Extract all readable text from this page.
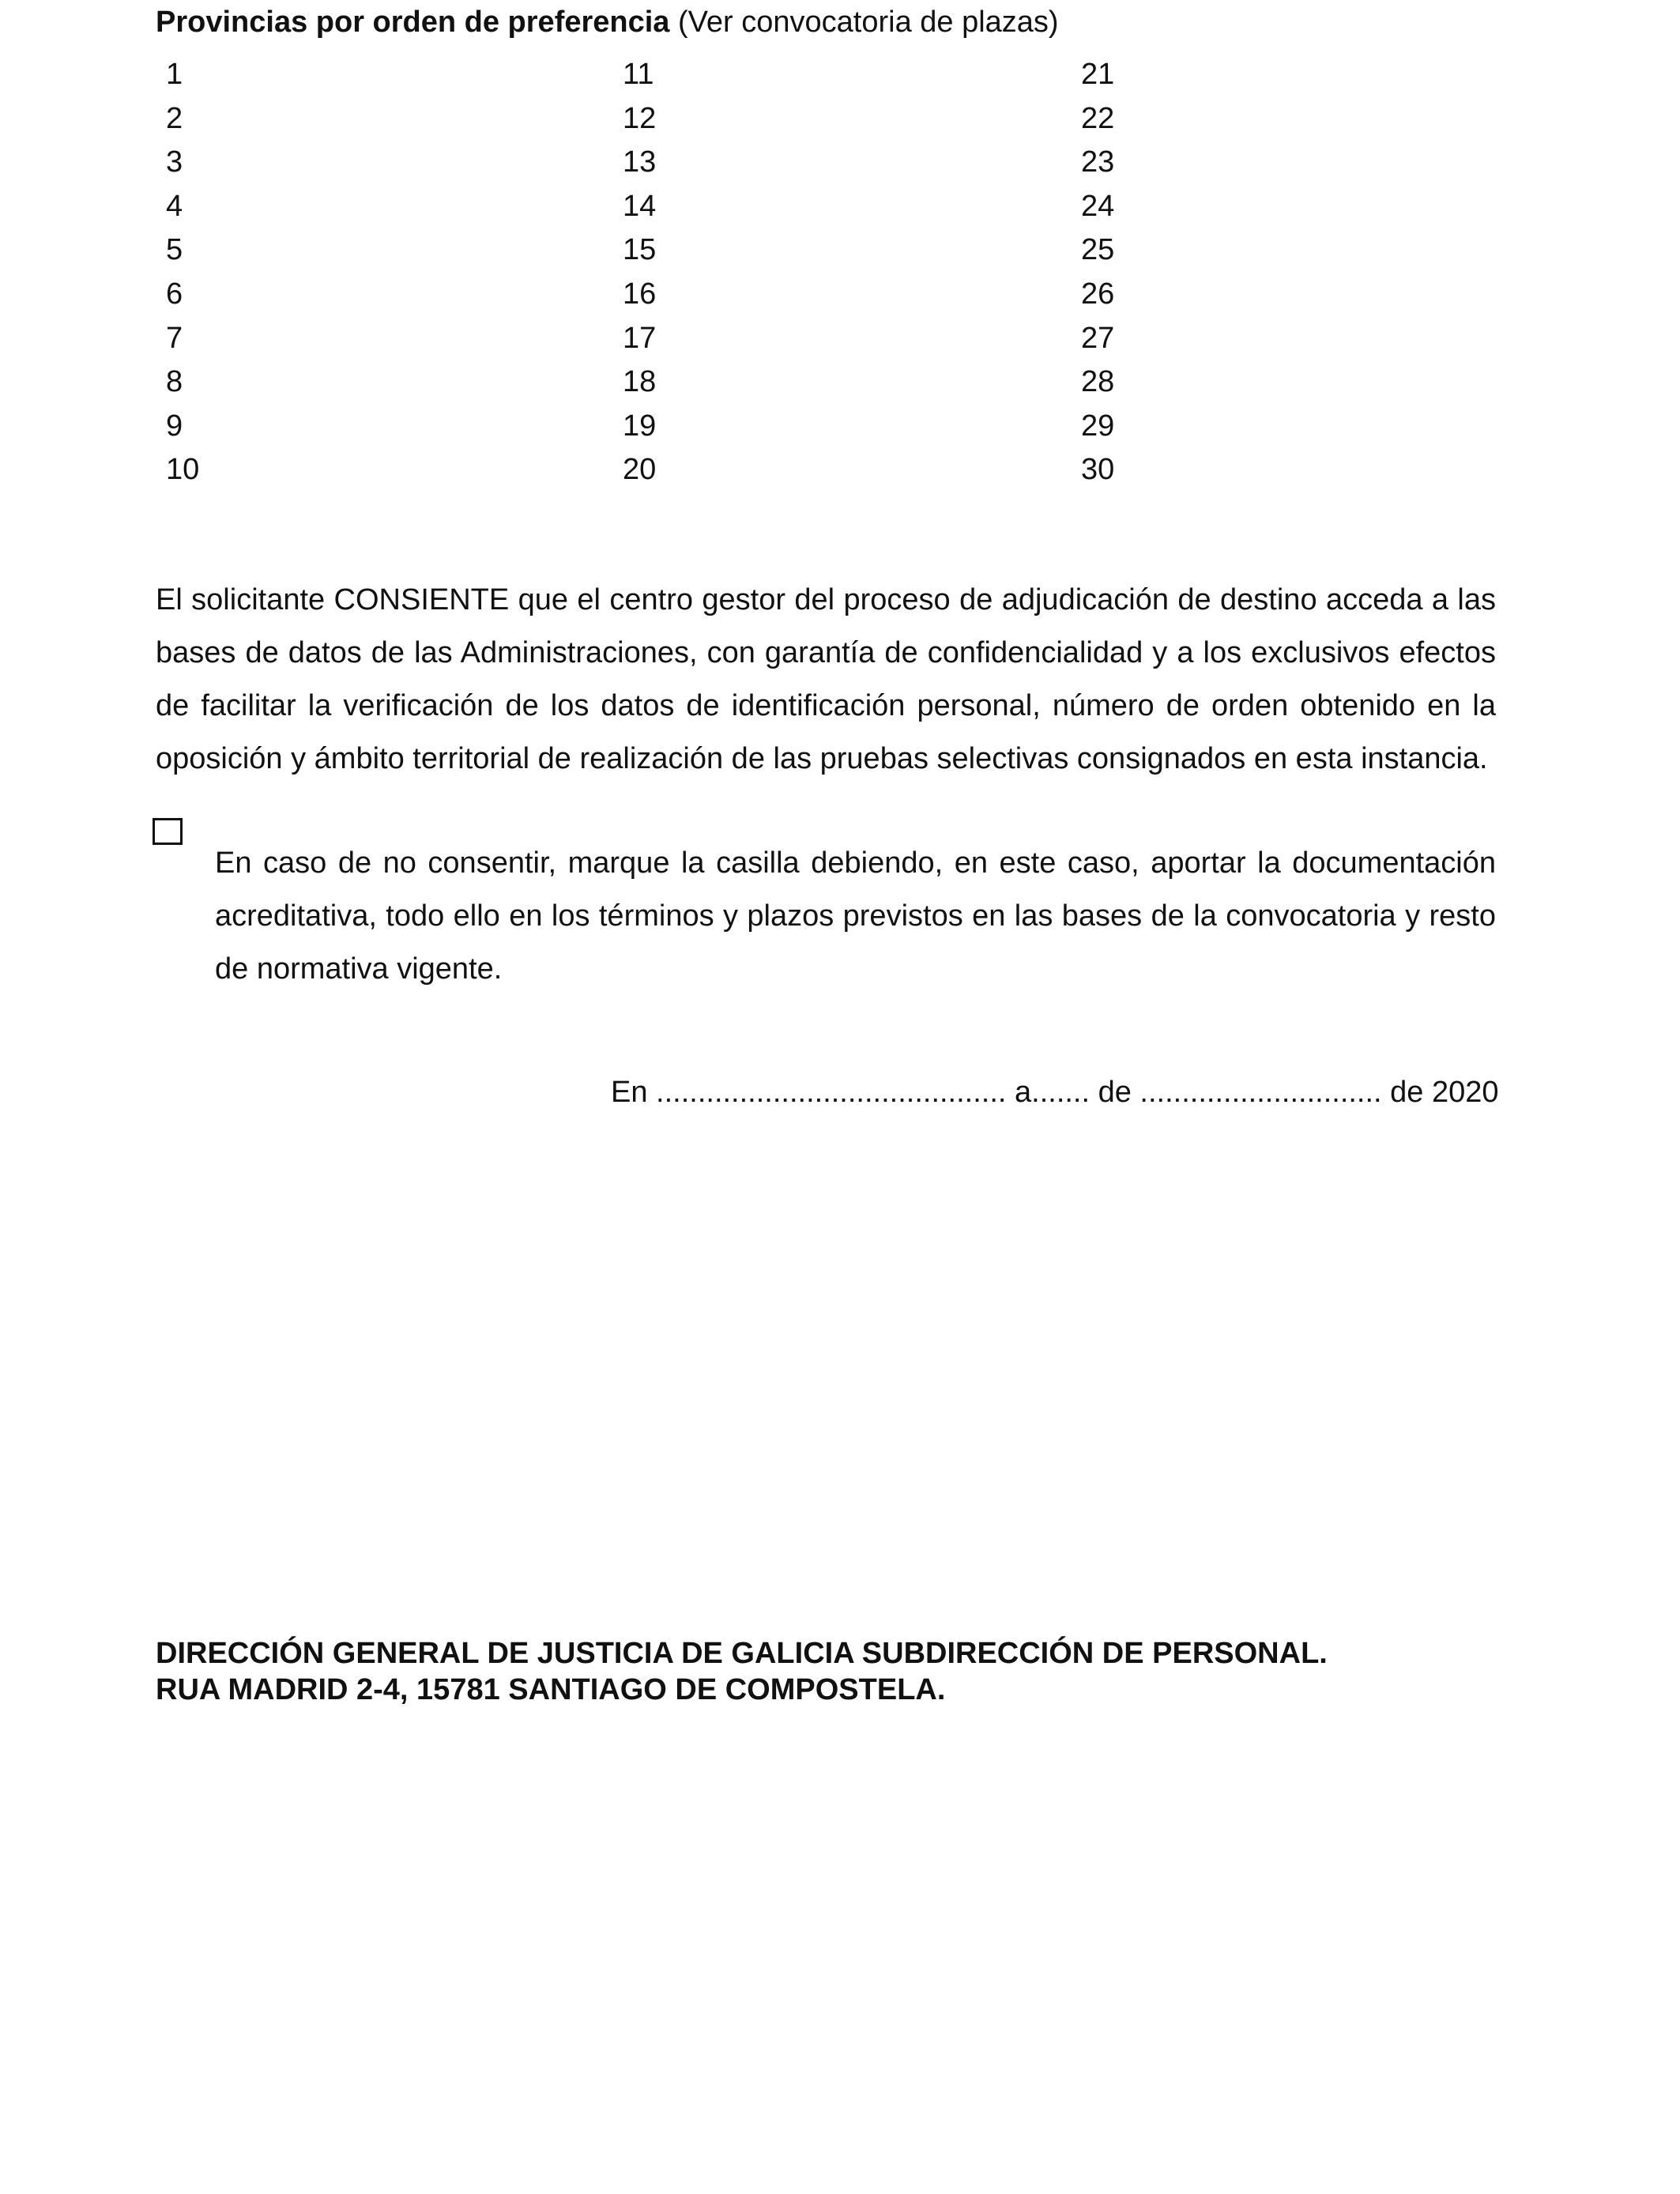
Provincias por orden de preferencia (Ver convocatoria de plazas)
1
2
3
4
5
6
7
8
9
10
11
12
13
14
15
16
17
18
19
20
21
22
23
24
25
26
27
28
29
30

El solicitante CONSIENTE que el centro gestor del proceso de adjudicación de destino acceda a las bases de datos de las Administraciones, con garantía de confidencialidad y a los exclusivos efectos de facilitar la verificación de los datos de identificación personal, número de orden obtenido en la oposición y ámbito territorial de realización de las pruebas selectivas consignados en esta instancia.

En caso de no consentir, marque la casilla debiendo, en este caso, aportar la documentación acreditativa, todo ello en los términos y plazos previstos en las bases de la convocatoria y resto de normativa vigente.

En .......................................... a....... de ............................. de 2020
DIRECCIÓN GENERAL DE JUSTICIA DE GALICIA SUBDIRECCIÓN DE PERSONAL.
RUA MADRID 2-4, 15781 SANTIAGO DE COMPOSTELA.
